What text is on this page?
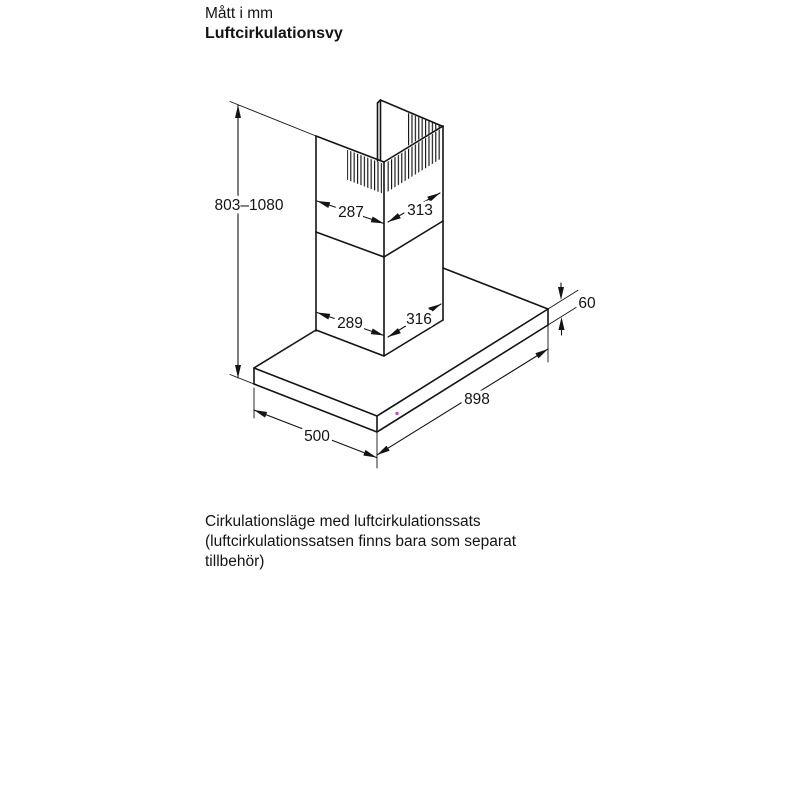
Mått i mm
Luftcirkulationsvy
803–1080	287	313
289	316
60
898
500
Cirkulationsläge med luftcirkulationssats
(luftcirkulationssatsen finns bara som separat
tillbehör)
